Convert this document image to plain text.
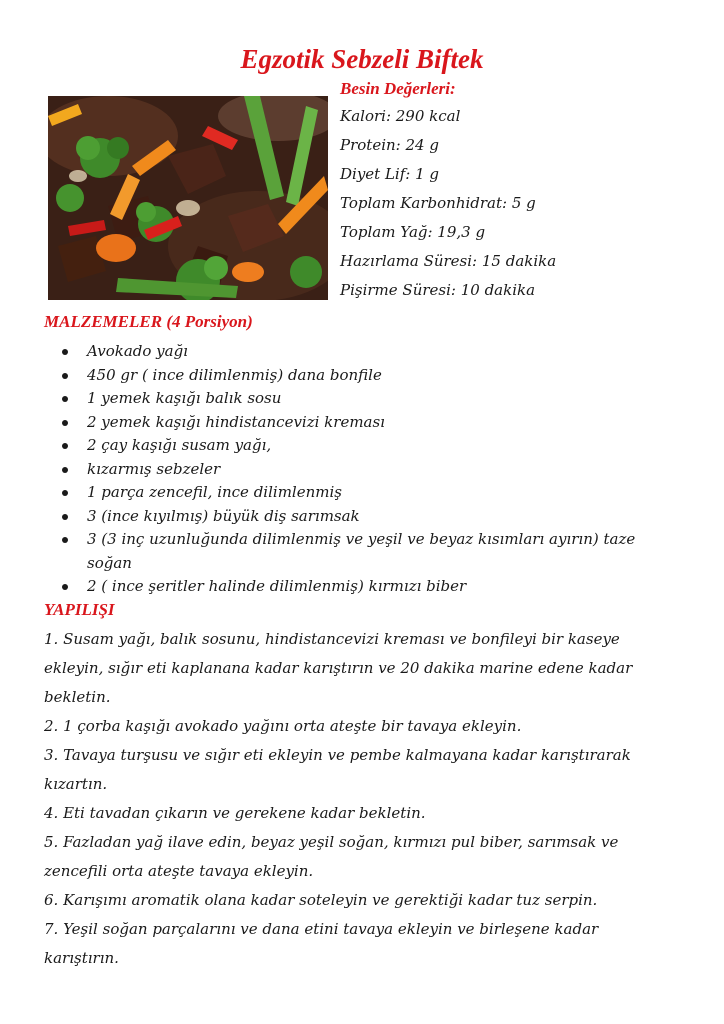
Egzotik Sebzeli Biftek
Besin Değerleri:
Kalori: 290 kcal
Protein: 24 g
Diyet Lif: 1 g
Toplam Karbonhidrat: 5 g
Toplam Yağ: 19,3 g
Hazırlama Süresi: 15 dakika
Pişirme Süresi: 10 dakika
MALZEMELER (4 Porsiyon)
Avokado yağı
450 gr ( ince dilimlenmiş) dana bonfile
1 yemek kaşığı balık sosu
2 yemek kaşığı hindistancevizi kreması
2 çay kaşığı susam yağı,
kızarmış sebzeler
1 parça zencefil, ince dilimlenmiş
3 (ince kıyılmış) büyük diş sarımsak
3 (3 inç uzunluğunda dilimlenmiş ve yeşil ve beyaz kısımları ayırın) taze soğan
2 ( ince şeritler halinde dilimlenmiş) kırmızı biber
YAPILIŞI
1. Susam yağı, balık sosunu, hindistancevizi kreması ve bonfileyi bir kaseye ekleyin, sığır eti kaplanana kadar karıştırın ve 20 dakika marine edene kadar bekletin.
2. 1 çorba kaşığı avokado yağını orta ateşte bir tavaya ekleyin.
3. Tavaya turşusu ve sığır eti ekleyin ve pembe kalmayana kadar karıştırarak kızartın.
4. Eti tavadan çıkarın ve gerekene kadar bekletin.
5. Fazladan yağ ilave edin, beyaz yeşil soğan, kırmızı pul biber, sarımsak ve zencefili orta ateşte tavaya ekleyin.
6. Karışımı aromatik olana kadar soteleyin ve gerektiği kadar tuz serpin.
7. Yeşil soğan parçalarını ve dana etini tavaya ekleyin ve birleşene kadar karıştırın.
